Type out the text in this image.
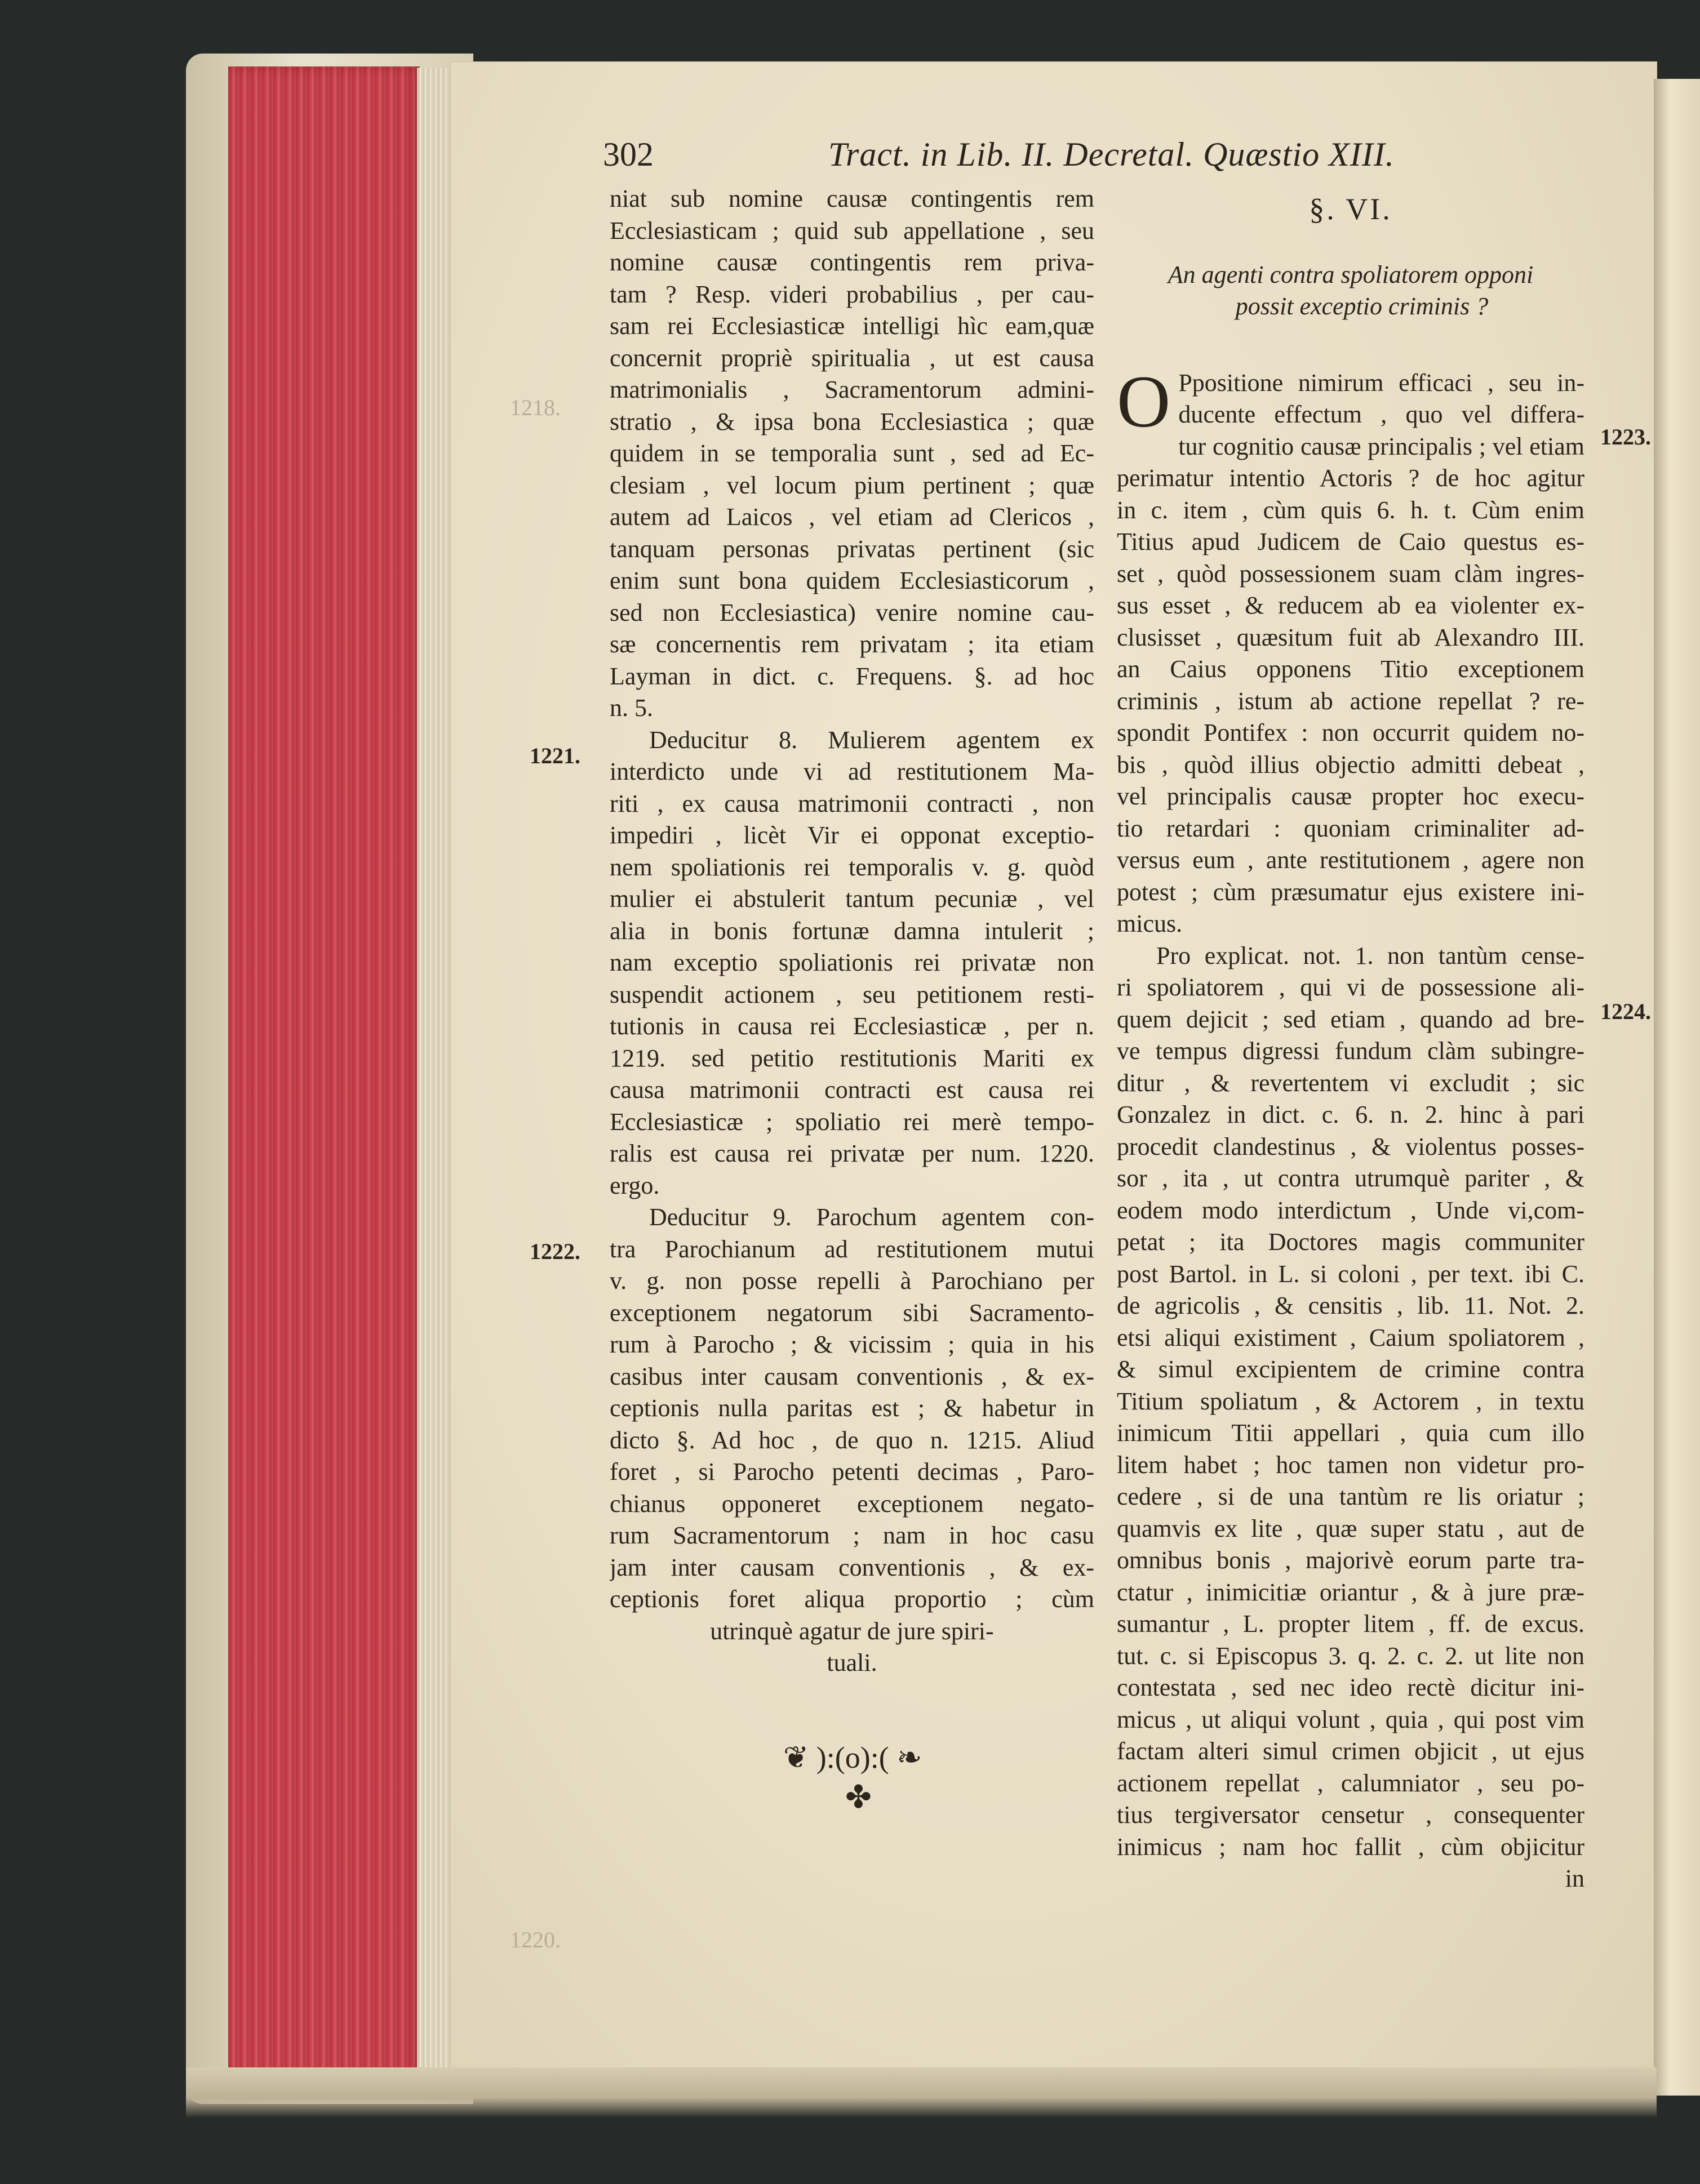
302	Tract. in Lib. II. Decretal. Quæstio XIII.
1218.
1220.
1221.
1222.
1223.
1224.

niat sub nomine causæ contingentis rem
Ecclesiasticam ; quid sub appellatione , seu
nomine causæ contingentis rem priva-
tam ? Resp. videri probabilius , per cau-
sam rei Ecclesiasticæ intelligi hìc eam,quæ
concernit propriè spiritualia , ut est causa
matrimonialis , Sacramentorum admini-
stratio , & ipsa bona Ecclesiastica ; quæ
quidem in se temporalia sunt , sed ad Ec-
clesiam , vel locum pium pertinent ; quæ
autem ad Laicos , vel etiam ad Clericos ,
tanquam personas privatas pertinent (sic
enim sunt bona quidem Ecclesiasticorum ,
sed non Ecclesiastica) venire nomine cau-
sæ concernentis rem privatam ; ita etiam
Layman in dict. c. Frequens. §. ad hoc
n. 5.

Deducitur 8. Mulierem agentem ex
interdicto unde vi ad restitutionem Ma-
riti , ex causa matrimonii contracti , non
impediri , licèt Vir ei opponat exceptio-
nem spoliationis rei temporalis v. g. quòd
mulier ei abstulerit tantum pecuniæ , vel
alia in bonis fortunæ damna intulerit ;
nam exceptio spoliationis rei privatæ non
suspendit actionem , seu petitionem resti-
tutionis in causa rei Ecclesiasticæ , per n.
1219. sed petitio restitutionis Mariti ex
causa matrimonii contracti est causa rei
Ecclesiasticæ ; spoliatio rei merè tempo-
ralis est causa rei privatæ per num. 1220.
ergo.

Deducitur 9. Parochum agentem con-
tra Parochianum ad restitutionem mutui
v. g. non posse repelli à Parochiano per
exceptionem negatorum sibi Sacramento-
rum à Parocho ; & vicissim ; quia in his
casibus inter causam conventionis , & ex-
ceptionis nulla paritas est ; & habetur in
dicto §. Ad hoc , de quo n. 1215. Aliud
foret , si Parocho petenti decimas , Paro-
chianus opponeret exceptionem negato-
rum Sacramentorum ; nam in hoc casu
jam inter causam conventionis , & ex-
ceptionis foret aliqua proportio ; cùm
utrinquè agatur de jure spiri-
tuali.

❦ ):(o):( ❧
✤
§. VI.
An agenti contra spoliatorem opponi
possit exceptio criminis ?

O Ppositione nimirum efficaci , seu in-
ducente effectum , quo vel differa-
tur cognitio causæ principalis ; vel etiam
perimatur intentio Actoris ? de hoc agitur
in c. item , cùm quis 6. h. t. Cùm enim
Titius apud Judicem de Caio questus es-
set , quòd possessionem suam clàm ingres-
sus esset , & reducem ab ea violenter ex-
clusisset , quæsitum fuit ab Alexandro III.
an Caius opponens Titio exceptionem
criminis , istum ab actione repellat ? re-
spondit Pontifex : non occurrit quidem no-
bis , quòd illius objectio admitti debeat ,
vel principalis causæ propter hoc execu-
tio retardari : quoniam criminaliter ad-
versus eum , ante restitutionem , agere non
potest ; cùm præsumatur ejus existere ini-
micus.

Pro explicat. not. 1. non tantùm cense-
ri spoliatorem , qui vi de possessione ali-
quem dejicit ; sed etiam , quando ad bre-
ve tempus digressi fundum clàm subingre-
ditur , & revertentem vi excludit ; sic
Gonzalez in dict. c. 6. n. 2. hinc à pari
procedit clandestinus , & violentus posses-
sor , ita , ut contra utrumquè pariter , &
eodem modo interdictum , Unde vi,com-
petat ; ita Doctores magis communiter
post Bartol. in L. si coloni , per text. ibi C.
de agricolis , & censitis , lib. 11. Not. 2.
etsi aliqui existiment , Caium spoliatorem ,
& simul excipientem de crimine contra
Titium spoliatum , & Actorem , in textu
inimicum Titii appellari , quia cum illo
litem habet ; hoc tamen non videtur pro-
cedere , si de una tantùm re lis oriatur ;
quamvis ex lite , quæ super statu , aut de
omnibus bonis , majorivè eorum parte tra-
ctatur , inimicitiæ oriantur , & à jure præ-
sumantur , L. propter litem , ff. de excus.
tut. c. si Episcopus 3. q. 2. c. 2. ut lite non
contestata , sed nec ideo rectè dicitur ini-
micus , ut aliqui volunt , quia , qui post vim
factam alteri simul crimen objicit , ut ejus
actionem repellat , calumniator , seu po-
tius tergiversator censetur , consequenter
inimicus ; nam hoc fallit , cùm objicitur

in
